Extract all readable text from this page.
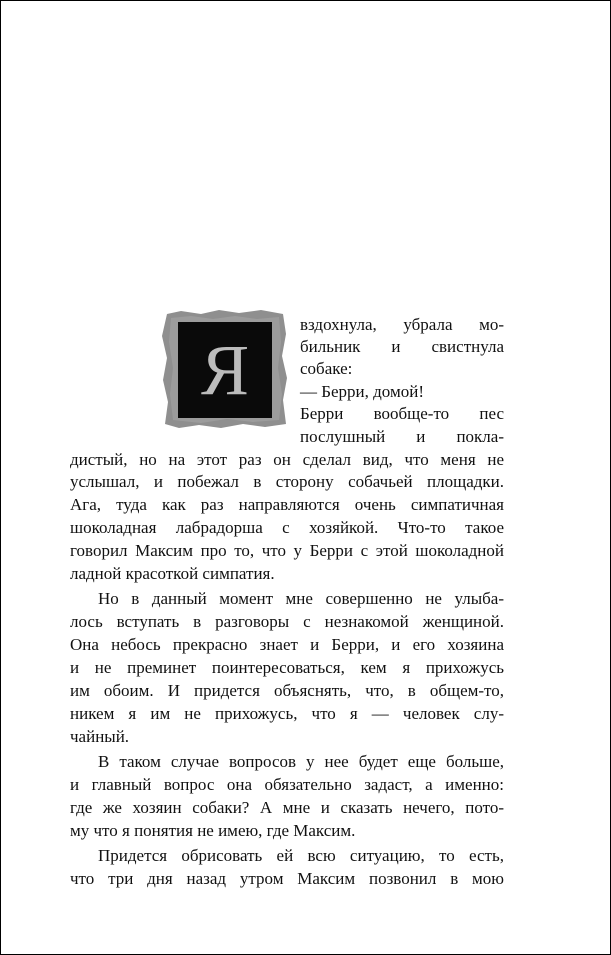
Я
вздохнула, убрала мо-
бильник и свистнула
собаке:
— Берри, домой!
Берри вообще-то пес
послушный и покла-
дистый, но на этот раз он сделал вид, что меня не
услышал, и побежал в сторону собачьей площадки.
Ага, туда как раз направляются очень симпатичная
шоколадная лабрадорша с хозяйкой. Что-то такое
говорил Максим про то, что у Берри с этой шоколадной
ладной красоткой симпатия.
Но в данный момент мне совершенно не улыба-
лось вступать в разговоры с незнакомой женщиной.
Она небось прекрасно знает и Берри, и его хозяина
и не преминет поинтересоваться, кем я прихожусь
им обоим. И придется объяснять, что, в общем-то,
никем я им не прихожусь, что я — человек слу-
чайный.
В таком случае вопросов у нее будет еще больше,
и главный вопрос она обязательно задаст, а именно:
где же хозяин собаки? А мне и сказать нечего, пото-
му что я понятия не имею, где Максим.
Придется обрисовать ей всю ситуацию, то есть,
что три дня назад утром Максим позвонил в мою
